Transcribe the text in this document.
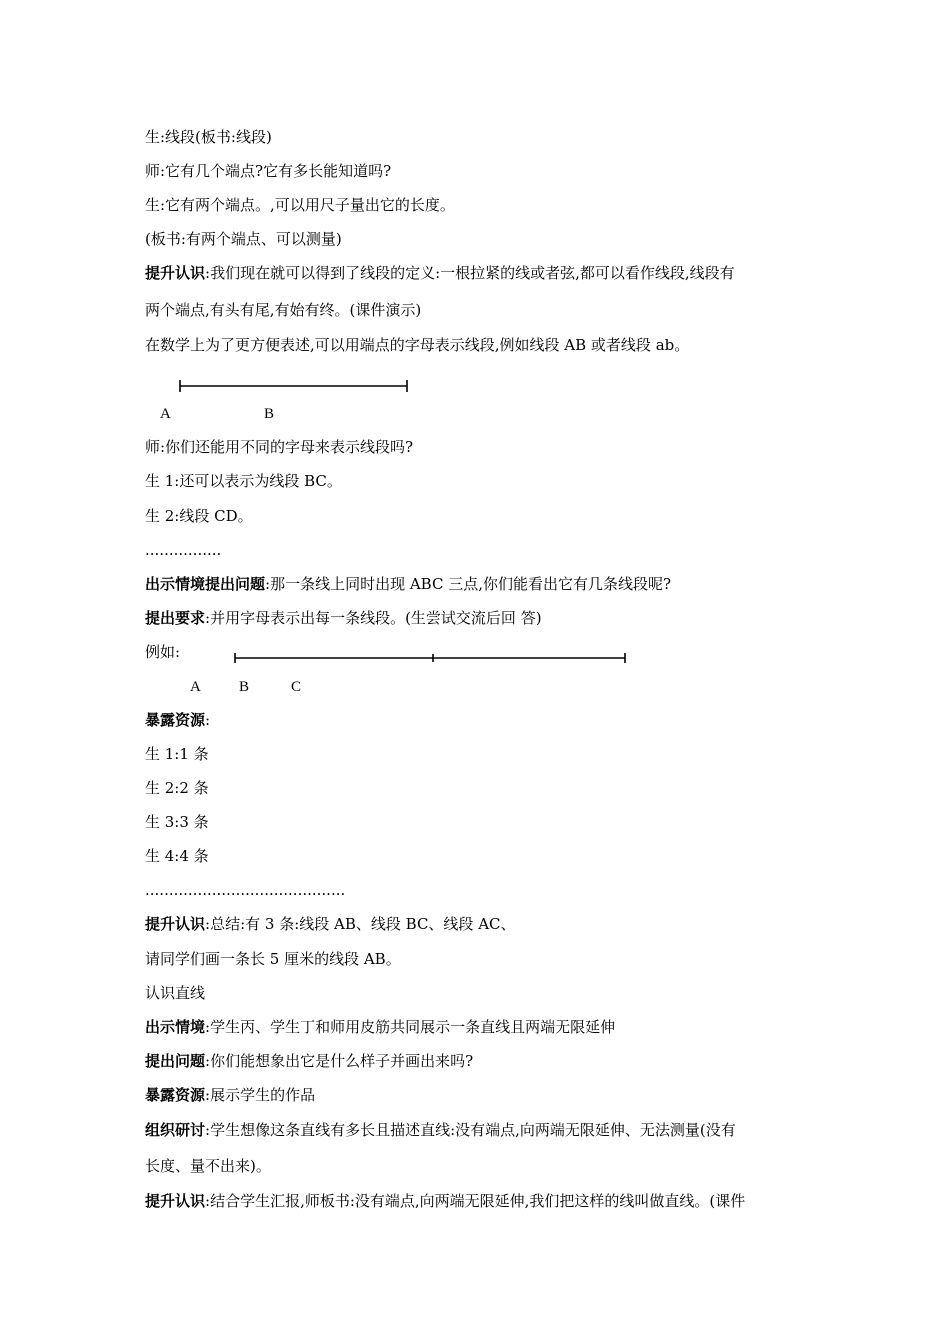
生:线段(板书:线段)
师:它有几个端点?它有多长能知道吗?
生:它有两个端点。,可以用尺子量出它的长度。
(板书:有两个端点、可以测量)
提升认识:我们现在就可以得到了线段的定义:一根拉紧的线或者弦,都可以看作线段,线段有
两个端点,有头有尾,有始有终。(课件演示)
在数学上为了更方便表述,可以用端点的字母表示线段,例如线段 AB 或者线段 ab。
A	B
师:你们还能用不同的字母来表示线段吗?
生 1:还可以表示为线段 BC。
生 2:线段 CD。
................
出示情境提出问题:那一条线上同时出现 ABC 三点,你们能看出它有几条线段呢?
提出要求:并用字母表示出每一条线段。(生尝试交流后回 答)
例如:
A	B	C
暴露资源:
生 1:1 条
生 2:2 条
生 3:3 条
生 4:4 条
..........................................
提升认识:总结:有 3 条:线段 AB、线段 BC、线段 AC、
请同学们画一条长 5 厘米的线段 AB。
认识直线
出示情境:学生丙、学生丁和师用皮筋共同展示一条直线且两端无限延伸
提出问题:你们能想象出它是什么样子并画出来吗?
暴露资源:展示学生的作品
组织研讨:学生想像这条直线有多长且描述直线:没有端点,向两端无限延伸、无法测量(没有
长度、量不出来)。
提升认识:结合学生汇报,师板书:没有端点,向两端无限延伸,我们把这样的线叫做直线。(课件
